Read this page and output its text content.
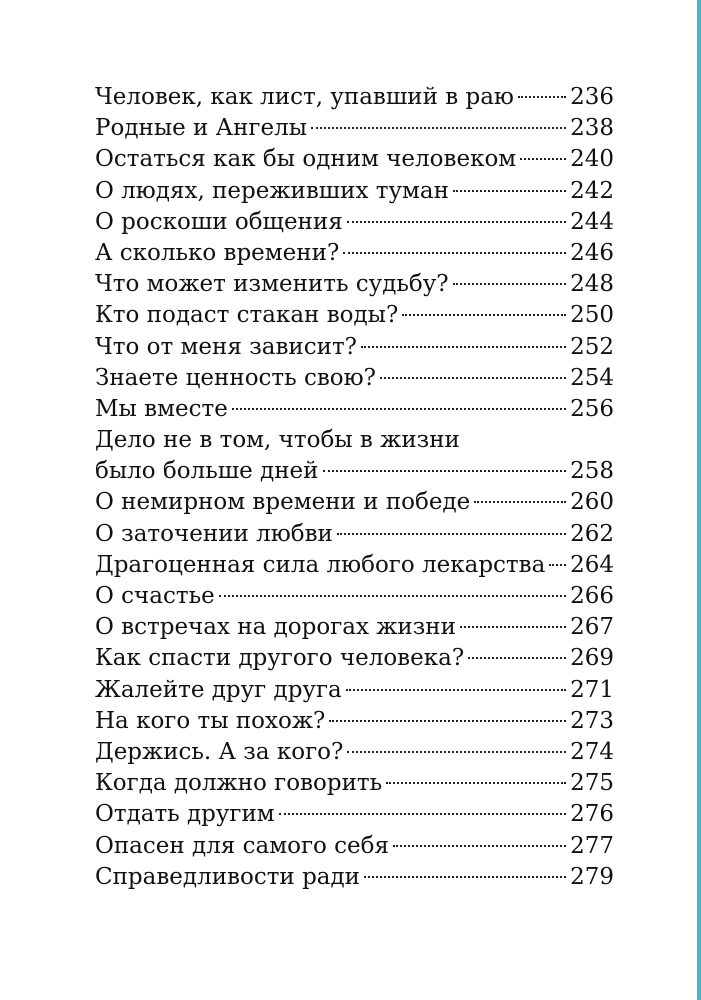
Человек, как лист, упавший в раю 236
Родные и Ангелы	238
Остаться как бы одним человеком 240
О людях, переживших туман	242
О роскоши общения	244
А сколько времени?	246
Что может изменить судьбу?	248
Кто подаст стакан воды?	250
Что от меня зависит?	252
Знаете ценность свою?	254
Мы вместе	256
Дело не в том, чтобы в жизни
было больше дней	258
О немирном времени и победе	260
О заточении любви	262
Драгоценная сила любого лекарства 264
О счастье	266
О встречах на дорогах жизни	267
Как спасти другого человека?	269
Жалейте друг друга	271
На кого ты похож?	273
Держись. А за кого?	274
Когда должно говорить	275
Отдать другим	276
Опасен для самого себя	277
Справедливости ради	279
